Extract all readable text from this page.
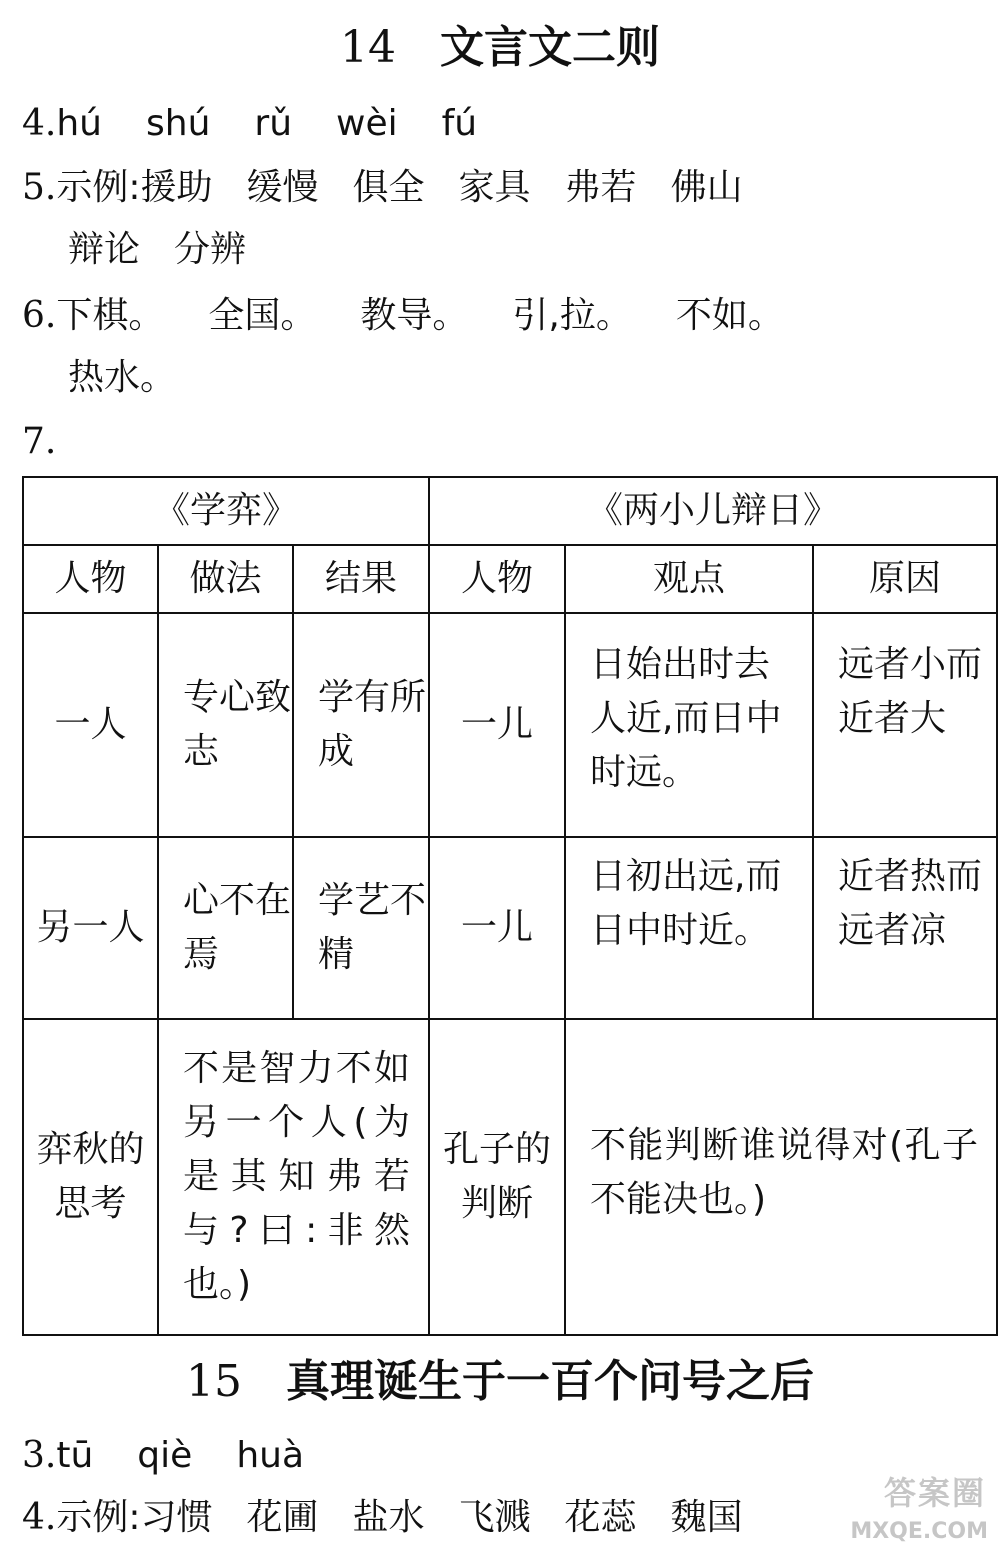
14 文言文二则
4.hú shú rǔ wèi fú
5.示例:援助 缓慢 俱全 家具 弗若 佛山
辩论 分辨
6.下棋。 全国。 教导。 引,拉。 不如。
热水。
7.
《学弈》			《两小儿辩日》		
人物	做法	结果	人物	观点	原因
一人	专心致志	学有所成	一儿	日始出时去人近,而日中时远。	远者小而近者大
另一人	心不在焉	学艺不精	一儿	日初出远,而日中时近。	近者热而远者凉
弈秋的思考	不是智力不如另一个人(为是其知弗若与?曰:非然也。)		孔子的判断	不能判断谁说得对(孔子不能决也。)	
15 真理诞生于一百个问号之后
3.tū qiè huà
4.示例:习惯 花圃 盐水 飞溅 花蕊 魏国
答案圈
MXQE.COM
